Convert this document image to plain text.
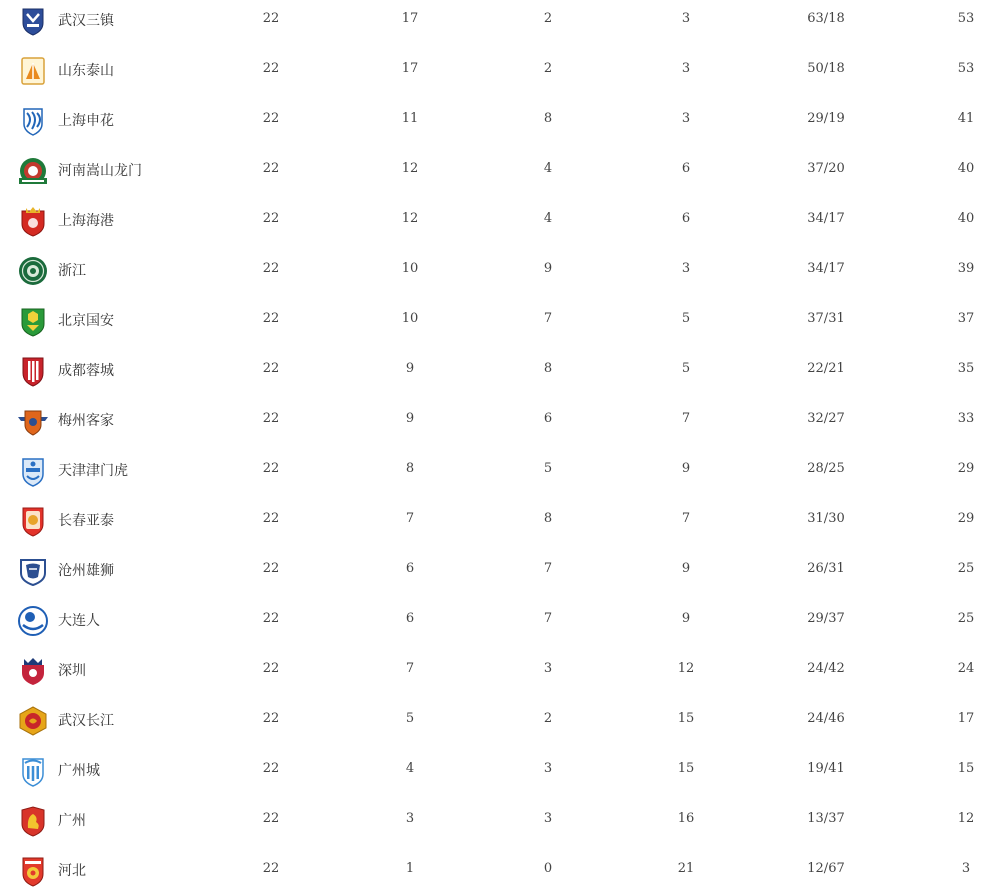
武汉三镇	22	17	2	3	63/18	53
山东泰山	22	17	2	3	50/18	53
上海申花	22	11	8	3	29/19	41
河南嵩山龙门	22	12	4	6	37/20	40
上海海港	22	12	4	6	34/17	40
浙江	22	10	9	3	34/17	39
北京国安	22	10	7	5	37/31	37
成都蓉城	22	9	8	5	22/21	35
梅州客家	22	9	6	7	32/27	33
天津津门虎	22	8	5	9	28/25	29
长春亚泰	22	7	8	7	31/30	29
沧州雄狮	22	6	7	9	26/31	25
大连人	22	6	7	9	29/37	25
深圳	22	7	3	12	24/42	24
武汉长江	22	5	2	15	24/46	17
广州城	22	4	3	15	19/41	15
广州	22	3	3	16	13/37	12
河北	22	1	0	21	12/67	3
